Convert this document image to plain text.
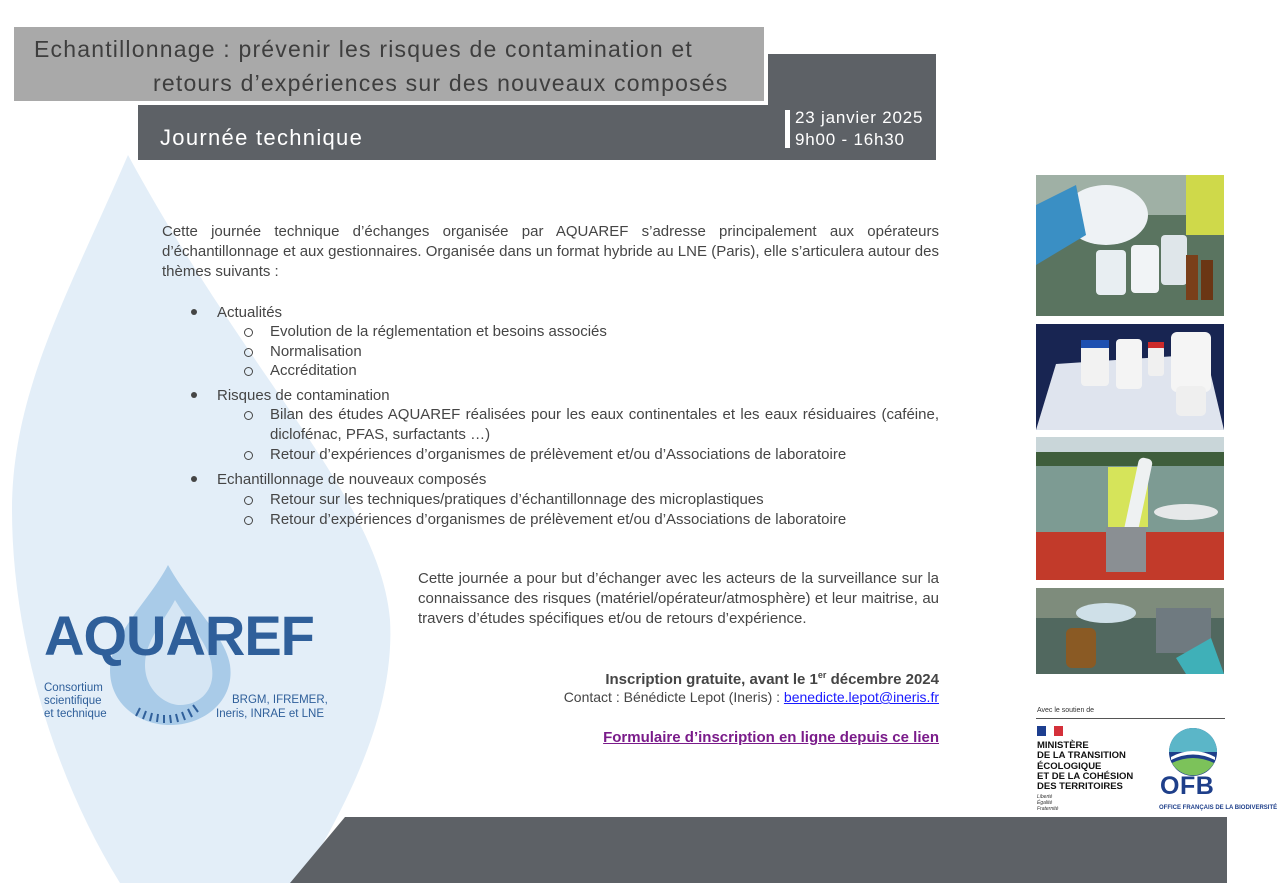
Echantillonnage : prévenir les risques de contamination et
retours d’expériences sur des nouveaux composés
Journée technique
23 janvier 2025
9h00 - 16h30

Cette journée technique d’échanges organisée par AQUAREF s’adresse principalement aux opérateurs d’échantillonnage et aux gestionnaires. Organisée dans un format hybride au LNE (Paris), elle s’articulera autour des thèmes suivants :

Actualités
Evolution de la réglementation et besoins associés
Normalisation
Accréditation
Risques de contamination
Bilan des études AQUAREF réalisées pour les eaux continentales et les eaux résiduaires (caféine, diclofénac, PFAS, surfactants …)
Retour d’expériences d’organismes de prélèvement et/ou d’Associations de laboratoire
Echantillonnage de nouveaux composés
Retour sur les techniques/pratiques d’échantillonnage des microplastiques
Retour d’expériences d’organismes de prélèvement et/ou d’Associations de laboratoire

Cette journée a pour but d’échanger avec les acteurs de la surveillance sur la connaissance des risques (matériel/opérateur/atmosphère) et leur maitrise, au travers d’études spécifiques et/ou de retours d’expérience.

Inscription gratuite, avant le 1er décembre 2024
Contact : Bénédicte Lepot (Ineris) : benedicte.lepot@ineris.fr
Formulaire d’inscription en ligne depuis ce lien
AQUAREF
Consortium
scientifique
et technique
BRGM, IFREMER,
Ineris, INRAE et LNE	Avec le soutien de

MINISTÈRE
DE LA TRANSITION
ÉCOLOGIQUE
ET DE LA COHÉSION
DES TERRITOIRES

Liberté
Égalité
Fraternité

OFB
OFFICE FRANÇAIS DE LA BIODIVERSITÉ
